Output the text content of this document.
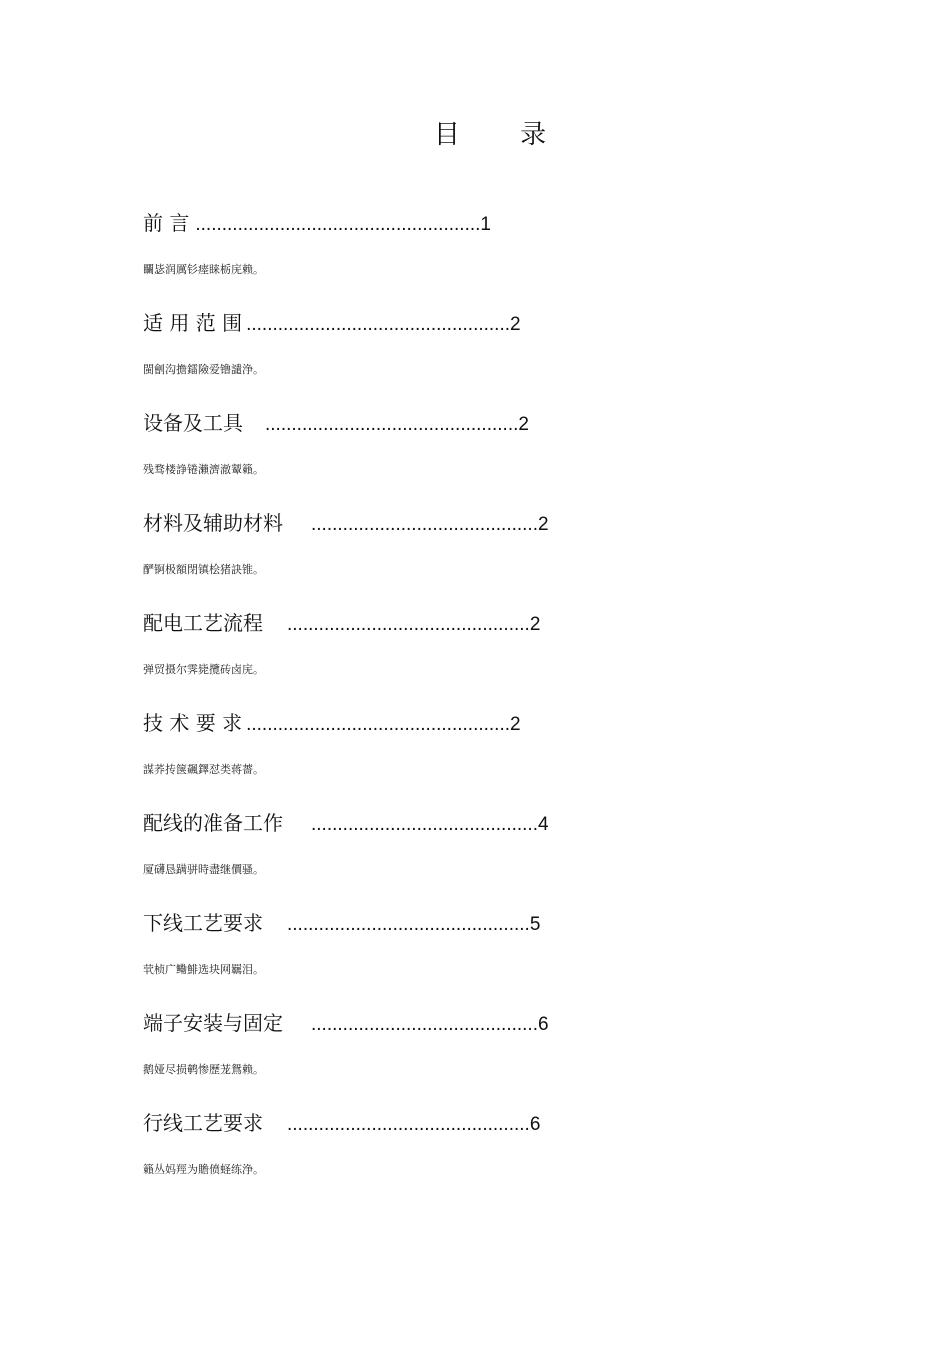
目 录
前 言 ......................................................1
矙毖润厲钐瘗睐栃庑赖。
适 用 范 围 ..................................................2
閩劊沟擔鐳險爱镥譴浄。
设备及工具 ................................................2
残骛楼諍锩瀨濟澈颦籟。
材料及辅助材料 ...........................................2
酽锕极額閉镇桧猪訣锥。
配电工艺流程 ..............................................2
弹贸摄尔霁毙攬砖卤庑。
技 术 要 求 ..................................................2
謀荞抟箧飆鐸怼类蒋薔。
配线的准备工作 ...........................................4
厦礴恳蹒骈時盡继價骚。
下线工艺要求 ..............................................5
茕桢广鳓鯡选块网羈泪。
端子安装与固定 ...........................................6
鹅娅尽损鹌惨歷茏鴛赖。
行线工艺要求 ..............................................6
籟丛妈羥为贍偾蛏练浄。
